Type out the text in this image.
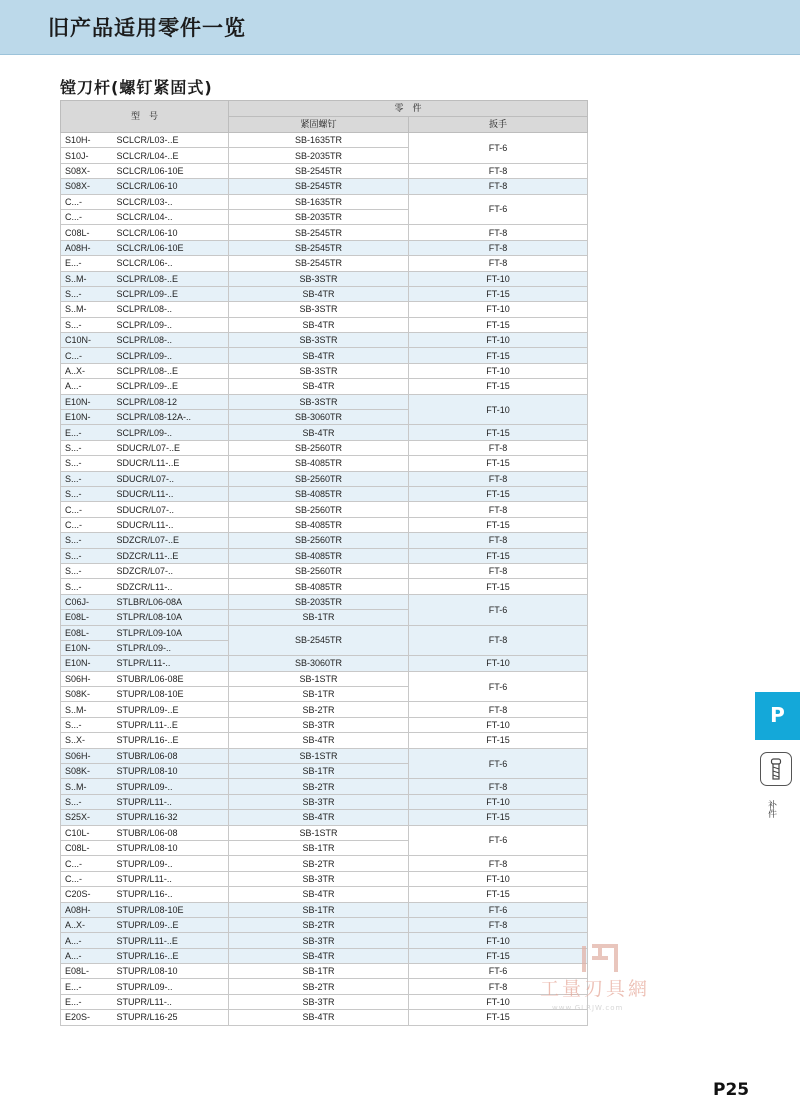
旧产品适用零件一览
镗刀杆(螺钉紧固式)
型　号		零　件	
		紧固螺钉	扳手
S10H-	SCLCR/L03-..E	SB-1635TR	FT-6
S10J-	SCLCR/L04-..E	SB-2035TR	
S08X-	SCLCR/L06-10E	SB-2545TR	FT-8
S08X-	SCLCR/L06-10	SB-2545TR	FT-8
C...-	SCLCR/L03-..	SB-1635TR	FT-6
C...-	SCLCR/L04-..	SB-2035TR	
C08L-	SCLCR/L06-10	SB-2545TR	FT-8
A08H-	SCLCR/L06-10E	SB-2545TR	FT-8
E...-	SCLCR/L06-..	SB-2545TR	FT-8
S..M-	SCLPR/L08-..E	SB-3STR	FT-10
S...-	SCLPR/L09-..E	SB-4TR	FT-15
S..M-	SCLPR/L08-..	SB-3STR	FT-10
S...-	SCLPR/L09-..	SB-4TR	FT-15
C10N-	SCLPR/L08-..	SB-3STR	FT-10
C...-	SCLPR/L09-..	SB-4TR	FT-15
A..X-	SCLPR/L08-..E	SB-3STR	FT-10
A...-	SCLPR/L09-..E	SB-4TR	FT-15
E10N-	SCLPR/L08-12	SB-3STR	FT-10
E10N-	SCLPR/L08-12A-..	SB-3060TR	
E...-	SCLPR/L09-..	SB-4TR	FT-15
S...-	SDUCR/L07-..E	SB-2560TR	FT-8
S...-	SDUCR/L11-..E	SB-4085TR	FT-15
S...-	SDUCR/L07-..	SB-2560TR	FT-8
S...-	SDUCR/L11-..	SB-4085TR	FT-15
C...-	SDUCR/L07-..	SB-2560TR	FT-8
C...-	SDUCR/L11-..	SB-4085TR	FT-15
S...-	SDZCR/L07-..E	SB-2560TR	FT-8
S...-	SDZCR/L11-..E	SB-4085TR	FT-15
S...-	SDZCR/L07-..	SB-2560TR	FT-8
S...-	SDZCR/L11-..	SB-4085TR	FT-15
C06J-	STLBR/L06-08A	SB-2035TR	FT-6
E08L-	STLPR/L08-10A	SB-1TR	
E08L-	STLPR/L09-10A	SB-2545TR	FT-8
E10N-	STLPR/L09-..		
E10N-	STLPR/L11-..	SB-3060TR	FT-10
S06H-	STUBR/L06-08E	SB-1STR	FT-6
S08K-	STUPR/L08-10E	SB-1TR	
S..M-	STUPR/L09-..E	SB-2TR	FT-8
S...-	STUPR/L11-..E	SB-3TR	FT-10
S..X-	STUPR/L16-..E	SB-4TR	FT-15
S06H-	STUBR/L06-08	SB-1STR	FT-6
S08K-	STUPR/L08-10	SB-1TR	
S..M-	STUPR/L09-..	SB-2TR	FT-8
S...-	STUPR/L11-..	SB-3TR	FT-10
S25X-	STUPR/L16-32	SB-4TR	FT-15
C10L-	STUBR/L06-08	SB-1STR	FT-6
C08L-	STUPR/L08-10	SB-1TR	
C...-	STUPR/L09-..	SB-2TR	FT-8
C...-	STUPR/L11-..	SB-3TR	FT-10
C20S-	STUPR/L16-..	SB-4TR	FT-15
A08H-	STUPR/L08-10E	SB-1TR	FT-6
A..X-	STUPR/L09-..E	SB-2TR	FT-8
A...-	STUPR/L11-..E	SB-3TR	FT-10
A...-	STUPR/L16-..E	SB-4TR	FT-15
E08L-	STUPR/L08-10	SB-1TR	FT-6
E...-	STUPR/L09-..	SB-2TR	FT-8
E...-	STUPR/L11-..	SB-3TR	FT-10
E20S-	STUPR/L16-25	SB-4TR	FT-15
P
补件
工量刃具網
www.GLRJW.com
P25
